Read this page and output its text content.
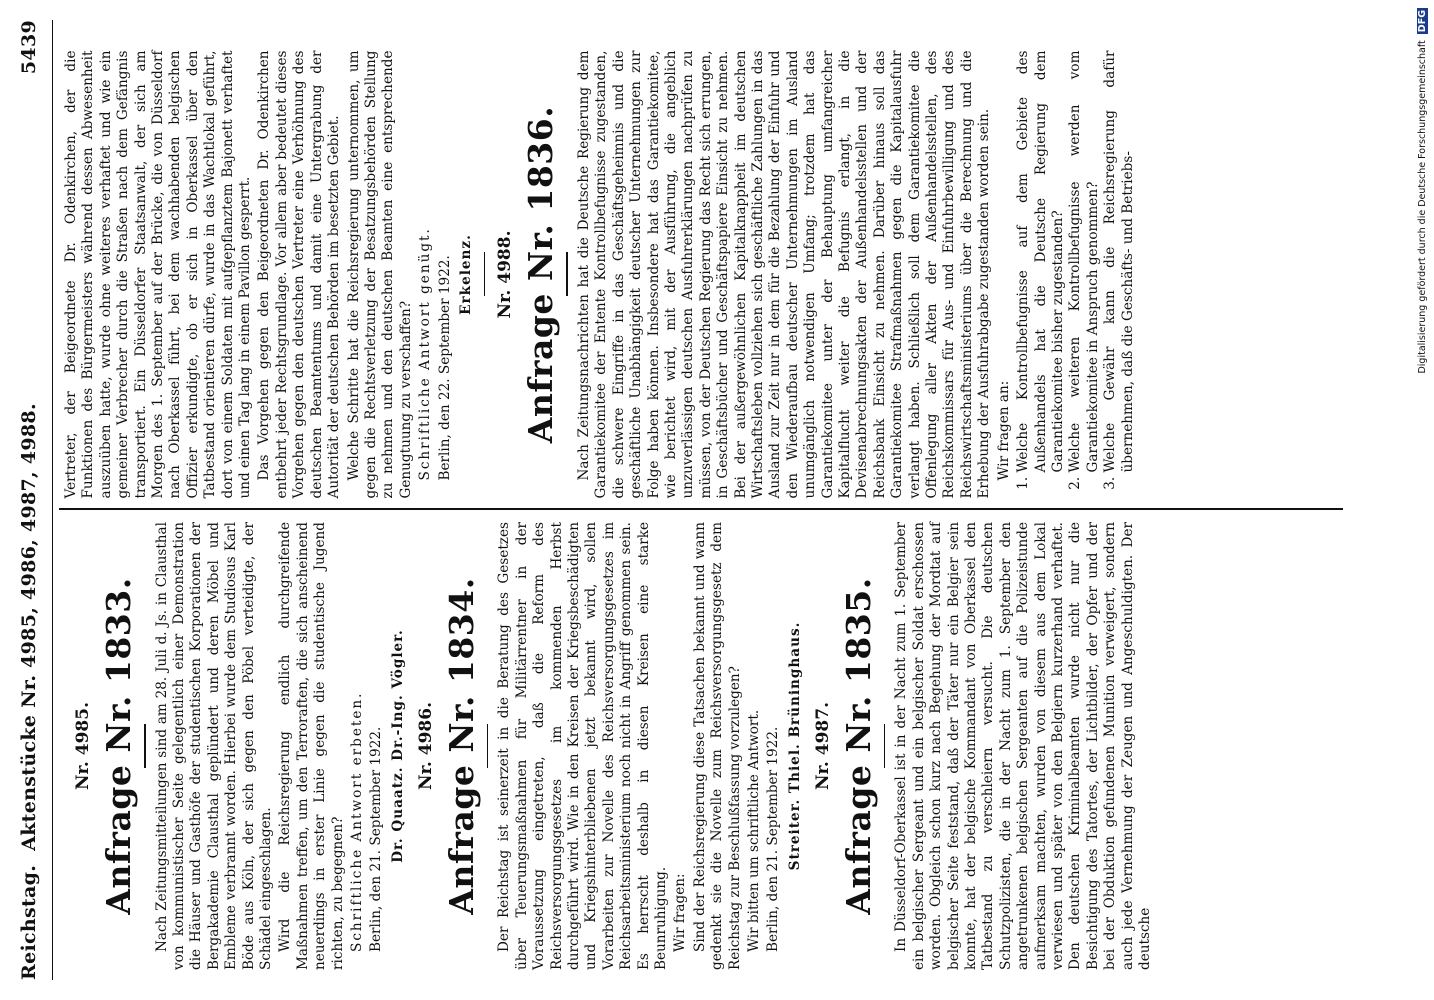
Reichstag.
Aktenstücke Nr. 4985, 4986, 4987, 4988.
5439
Nr. 4985. Anfrage Nr. 1833. Nach Zeitungsmitteilungen sind am 28. Juli d. Js. in Clausthal von kommunistischer Seite gelegentlich einer Demonstration die Häuser und Gasthöfe der studentischen Korporationen der Bergakademie Clausthal geplündert und deren Möbel und Embleme verbrannt worden. Hierbei wurde dem Studiosus Karl Böde aus Köln, der sich gegen den Pöbel verteidigte, der Schädel eingeschlagen. Wird die Reichsregierung endlich durchgreifende Maßnahmen treffen, um den Terroraften, die sich anscheinend neuerdings in erster Linie gegen die studentische Jugend richten, zu begegnen? Schriftliche Antwort erbeten. Berlin, den 21. September 1922. Dr. Quaatz. Dr.-Ing. Vögler. Nr. 4986. Anfrage Nr. 1834. Der Reichstag ist seinerzeit in die Beratung des Gesetzes über Teuerungsmaßnahmen für Militärrentner in der Voraussetzung eingetreten, daß die Reform des Reichsversorgungsgesetzes im kommenden Herbst durchgeführt wird. Wie in den Kreisen der Kriegsbeschädigten und Kriegshinterbliebenen jetzt bekannt wird, sollen Vorarbeiten zur Novelle des Reichsversorgungsgesetzes im Reichsarbeitsministerium noch nicht in Angriff genommen sein. Es herrscht deshalb in diesen Kreisen eine starke Beunruhigung. Wir fragen: Sind der Reichsregierung diese Tatsachen bekannt und wann gedenkt sie die Novelle zum Reichsversorgungsgesetz dem Reichstag zur Beschlußfassung vorzulegen? Wir bitten um schriftliche Antwort. Berlin, den 21. September 1922. Streiter. Thiel. Brüninghaus. Nr. 4987. Anfrage Nr. 1835. In Düsseldorf-Oberkassel ist in der Nacht zum 1. September ein belgischer Sergeant und ein belgischer Soldat erschossen worden. Obgleich schon kurz nach Begehung der Mordtat auf belgischer Seite feststand, daß der Täter nur ein Belgier sein konnte, hat der belgische Kommandant von Oberkassel den Tatbestand zu verschleiern versucht. Die deutschen Schutzpolizisten, die in der Nacht zum 1. September den angetrunkenen belgischen Sergeanten auf die Polizeistunde aufmerksam machten, wurden von diesem aus dem Lokal verwiesen und später von den Belgiern kurzerhand verhaftet. Den deutschen Kriminalbeamten wurde nicht nur die Besichtigung des Tatortes, der Lichtbilder, der Opfer und der bei der Obduktion gefundenen Munition verweigert, sondern auch jede Vernehmung der Zeugen und Angeschuldigten. Der deutsche

Vertreter, der Beigeordnete Dr. Odenkirchen, der die Funktionen des Bürgermeisters während dessen Abwesenheit auszuüben hatte, wurde ohne weiteres verhaftet und wie ein gemeiner Verbrecher durch die Straßen nach dem Gefängnis transportiert. Ein Düsseldorfer Staatsanwalt, der sich am Morgen des 1. September auf der Brücke, die von Düsseldorf nach Oberkassel führt, bei dem wachhabenden belgischen Offizier erkundigte, ob er sich in Oberkassel über den Tatbestand orientieren dürfe, wurde in das Wachtlokal geführt, dort von einem Soldaten mit aufgepflanztem Bajonett verhaftet und einen Tag lang in einem Pavillon gesperrt. Das Vorgehen gegen den Beigeordneten Dr. Odenkirchen entbehrt jeder Rechtsgrundlage. Vor allem aber bedeutet dieses Vorgehen gegen den deutschen Vertreter eine Verhöhnung des deutschen Beamtentums und damit eine Untergrabung der Autorität der deutschen Behörden im besetzten Gebiet. Welche Schritte hat die Reichsregierung unternommen, um gegen die Rechtsverletzung der Besatzungsbehörden Stellung zu nehmen und den deutschen Beamten eine entsprechende Genugtuung zu verschaffen? Schriftliche Antwort genügt. Berlin, den 22. September 1922. Erkelenz. Nr. 4988. Anfrage Nr. 1836. Nach Zeitungsnachrichten hat die Deutsche Regierung dem Garantiekomitee der Entente Kontrollbefugnisse zugestanden, die schwere Eingriffe in das Geschäftsgeheimnis und die geschäftliche Unabhängigkeit deutscher Unternehmungen zur Folge haben können. Insbesondere hat das Garantiekomitee, wie berichtet wird, mit der Ausführung, die angeblich unzuverlässigen deutschen Ausfuhrerklärungen nachprüfen zu müssen, von der Deutschen Regierung das Recht sich errungen, in Geschäftsbücher und Geschäftspapiere Einsicht zu nehmen. Bei der außergewöhnlichen Kapitalknappheit im deutschen Wirtschaftsleben vollziehen sich geschäftliche Zahlungen in das Ausland zur Zeit nur in dem für die Bezahlung der Einfuhr und den Wiederaufbau deutscher Unternehmungen im Ausland unumgänglich notwendigen Umfang; trotzdem hat das Garantiekomitee unter der Behauptung umfangreicher Kapitalflucht weiter die Befugnis erlangt, in die Devisenabrechnungsakten der Außenhandelsstellen und der Reichsbank Einsicht zu nehmen. Darüber hinaus soll das Garantiekomitee Strafmaßnahmen gegen die Kapitalausfuhr verlangt haben. Schließlich soll dem Garantiekomitee die Offenlegung aller Akten der Außenhandelsstellen, des Reichskommissars für Aus- und Einfuhrbewilligung und des Reichswirtschaftsministeriums über die Berechnung und die Erhebung der Ausfuhrabgabe zugestanden worden sein. Wir fragen an: 1. Welche Kontrollbefugnisse auf dem Gebiete des Außenhandels hat die Deutsche Regierung dem Garantiekomitee bisher zugestanden? 2. Welche weiteren Kontrollbefugnisse werden vom Garantiekomitee in Anspruch genommen? 3. Welche Gewähr kann die Reichsregierung dafür übernehmen, daß die Geschäfts- und Betriebs-	Digitalisierung gefördert durch die Deutsche Forschungsgemeinschaft DFG
